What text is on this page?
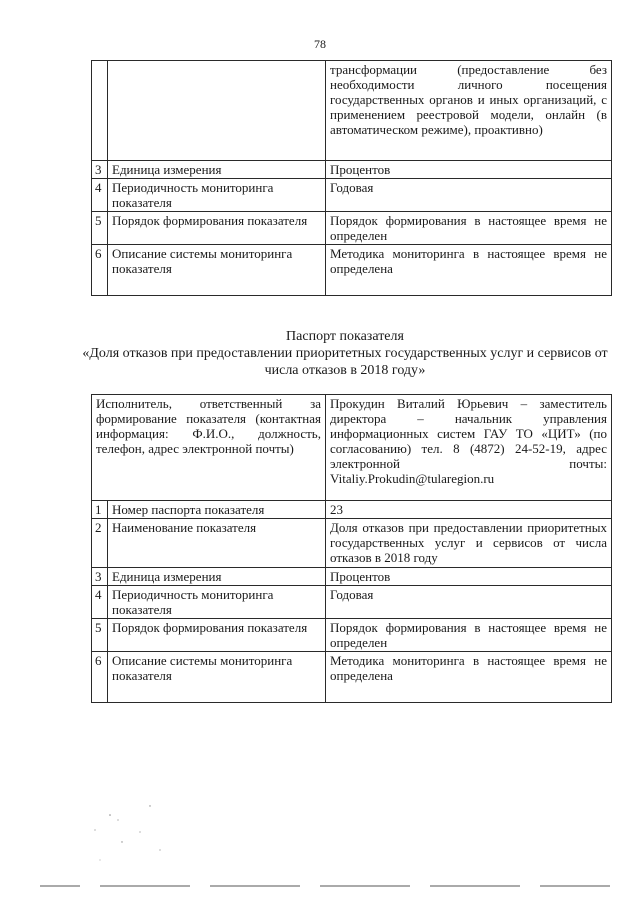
78
		трансформации (предоставление без необходимости личного посещения государственных органов и иных организаций, с применением реестровой модели, онлайн (в автоматическом режиме), проактивно)
3	Единица измерения	Процентов
4	Периодичность мониторинга показателя	Годовая
5	Порядок формирования показателя	Порядок формирования в настоящее время не определен
6	Описание системы мониторинга показателя	Методика мониторинга в настоящее время не определена
Паспорт показателя
«Доля отказов при предоставлении приоритетных государственных услуг и сервисов от числа отказов в 2018 году»
Исполнитель, ответственный за формирование показателя (контактная информация: Ф.И.О., должность, телефон, адрес электронной почты)		Прокудин Виталий Юрьевич – заместитель директора – начальник управления информационных систем ГАУ ТО «ЦИТ» (по согласованию) тел. 8 (4872) 24-52-19, адрес электронной почты: Vitaliy.Prokudin@tularegion.ru
1	Номер паспорта показателя	23
2	Наименование показателя	Доля отказов при предоставлении приоритетных государственных услуг и сервисов от числа отказов в 2018 году
3	Единица измерения	Процентов
4	Периодичность мониторинга показателя	Годовая
5	Порядок формирования показателя	Порядок формирования в настоящее время не определен
6	Описание системы мониторинга показателя	Методика мониторинга в настоящее время не определена
